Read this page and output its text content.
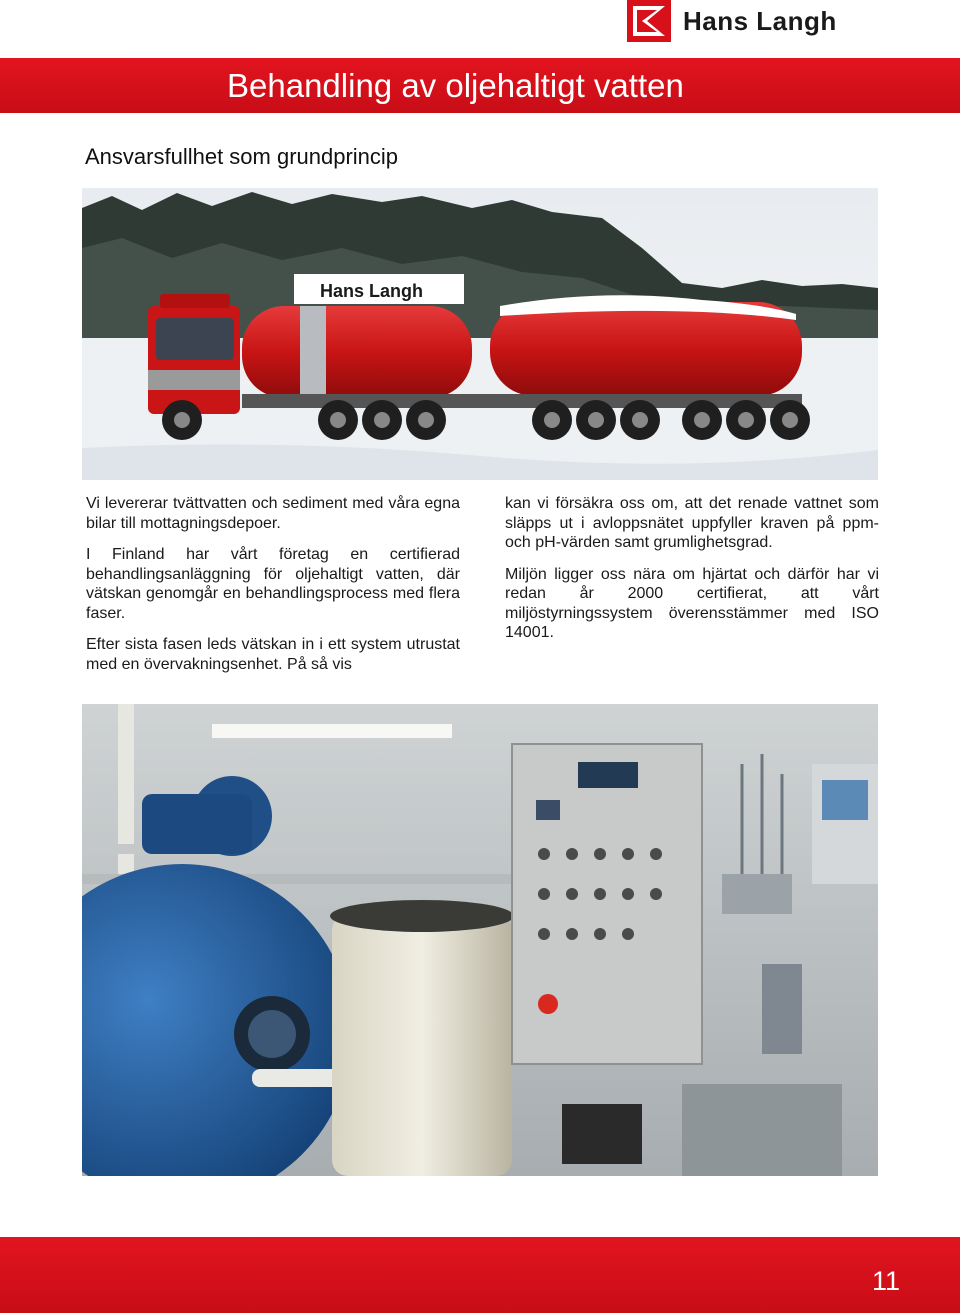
Hans Langh
Behandling av oljehaltigt vatten
Ansvarsfullhet som grundprincip
Hans Langh

Vi levererar tvättvatten och sediment med våra egna bilar till mottagningsdepoer.

I Finland har vårt företag en certifierad behandlingsanläggning för oljehaltigt vatten, där vätskan genomgår en behandlingsprocess med flera faser.

Efter sista fasen leds vätskan in i ett system utrustat med en övervakningsenhet. På så vis

kan vi försäkra oss om, att det renade vattnet som släpps ut i avloppsnätet uppfyller kraven på ppm- och pH-värden samt grumlighetsgrad.

Miljön ligger oss nära om hjärtat och därför har vi redan år 2000 certifierat, att vårt miljöstyrningssystem överensstämmer med ISO 14001.

11
